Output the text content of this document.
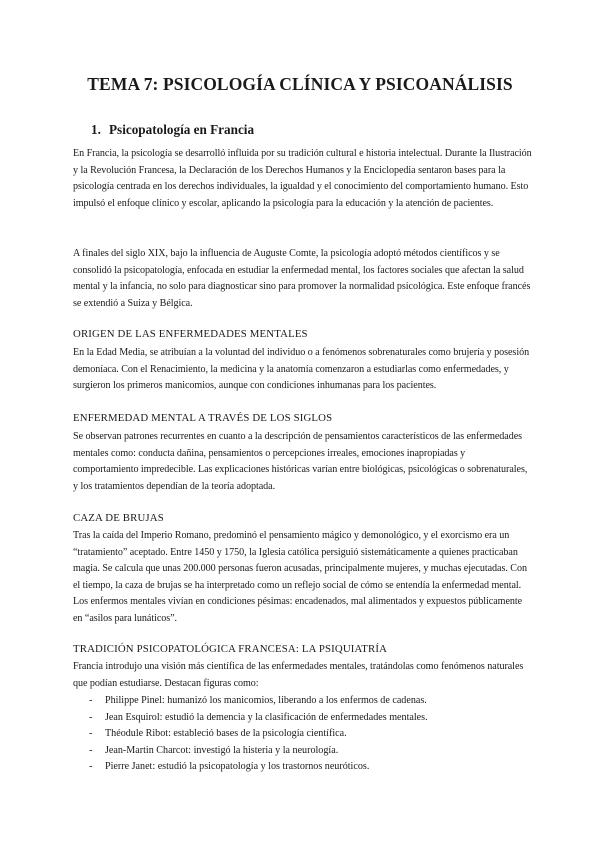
TEMA 7: PSICOLOGÍA CLÍNICA Y PSICOANÁLISIS
1. Psicopatología en Francia

En Francia, la psicología se desarrolló influida por su tradición cultural e historia intelectual. Durante la Ilustración y la Revolución Francesa, la Declaración de los Derechos Humanos y la Enciclopedia sentaron bases para la psicología centrada en los derechos individuales, la igualdad y el conocimiento del comportamiento humano. Esto impulsó el enfoque clínico y escolar, aplicando la psicología para la educación y la atención de pacientes.

A finales del siglo XIX, bajo la influencia de Auguste Comte, la psicología adoptó métodos científicos y se consolidó la psicopatología, enfocada en estudiar la enfermedad mental, los factores sociales que afectan la salud mental y la infancia, no solo para diagnosticar sino para promover la normalidad psicológica. Este enfoque francés se extendió a Suiza y Bélgica.

ORIGEN DE LAS ENFERMEDADES MENTALES

En la Edad Media, se atribuían a la voluntad del individuo o a fenómenos sobrenaturales como brujería y posesión demoníaca. Con el Renacimiento, la medicina y la anatomía comenzaron a estudiarlas como enfermedades, y surgieron los primeros manicomios, aunque con condiciones inhumanas para los pacientes.

ENFERMEDAD MENTAL A TRAVÉS DE LOS SIGLOS

Se observan patrones recurrentes en cuanto a la descripción de pensamientos característicos de las enfermedades mentales como: conducta dañina, pensamientos o percepciones irreales, emociones inapropiadas y comportamiento impredecible. Las explicaciones históricas varían entre biológicas, psicológicas o sobrenaturales, y los tratamientos dependían de la teoría adoptada.

CAZA DE BRUJAS

Tras la caída del Imperio Romano, predominó el pensamiento mágico y demonológico, y el exorcismo era un “tratamiento” aceptado. Entre 1450 y 1750, la Iglesia católica persiguió sistemáticamente a quienes practicaban magia. Se calcula que unas 200.000 personas fueron acusadas, principalmente mujeres, y muchas ejecutadas. Con el tiempo, la caza de brujas se ha interpretado como un reflejo social de cómo se entendía la enfermedad mental. Los enfermos mentales vivían en condiciones pésimas: encadenados, mal alimentados y expuestos públicamente en “asilos para lunáticos”.

TRADICIÓN PSICOPATOLÓGICA FRANCESA: LA PSIQUIATRÍA

Francia introdujo una visión más científica de las enfermedades mentales, tratándolas como fenómenos naturales que podían estudiarse. Destacan figuras como:

- Philippe Pinel: humanizó los manicomios, liberando a los enfermos de cadenas.
- Jean Esquirol: estudió la demencia y la clasificación de enfermedades mentales.
- Théodule Ribot: estableció bases de la psicología científica.
- Jean-Martin Charcot: investigó la histeria y la neurología.
- Pierre Janet: estudió la psicopatología y los trastornos neuróticos.
